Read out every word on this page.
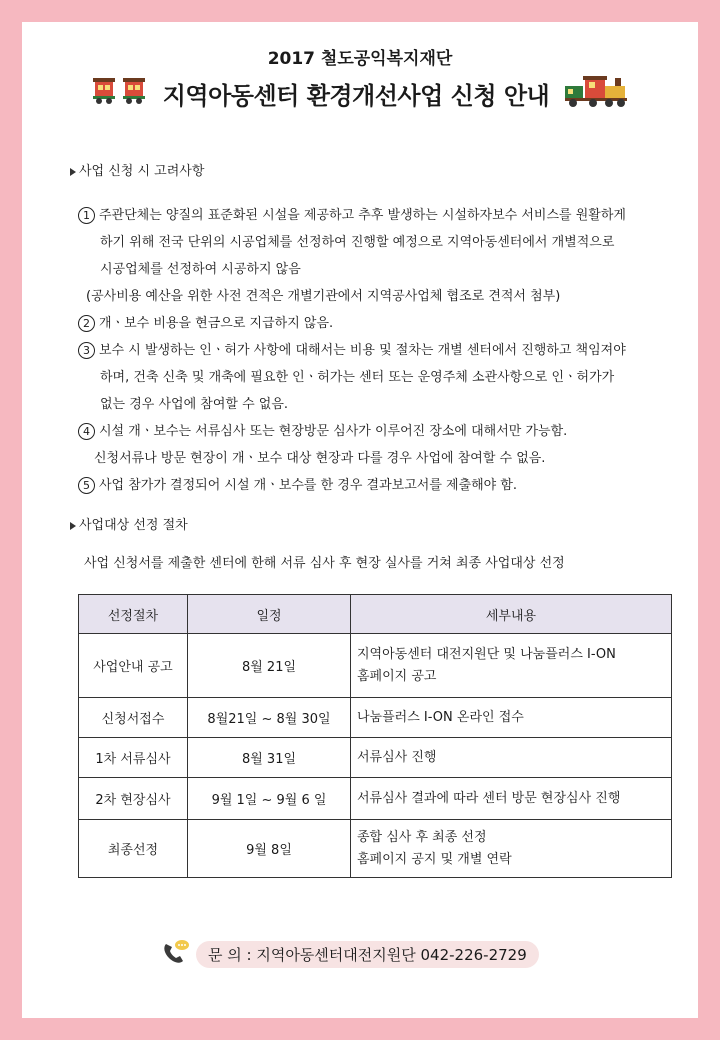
2017 철도공익복지재단
지역아동센터 환경개선사업 신청 안내
사업 신청 시 고려사항
1 주관단체는 양질의 표준화된 시설을 제공하고 추후 발생하는 시설하자보수 서비스를 원활하게
하기 위해 전국 단위의 시공업체를 선정하여 진행할 예정으로 지역아동센터에서 개별적으로
시공업체를 선정하여 시공하지 않음
(공사비용 예산을 위한 사전 견적은 개별기관에서 지역공사업체 협조로 견적서 첨부)
2 개ㆍ보수 비용을 현금으로 지급하지 않음.
3 보수 시 발생하는 인ㆍ허가 사항에 대해서는 비용 및 절차는 개별 센터에서 진행하고 책임져야
하며, 건축 신축 및 개축에 필요한 인ㆍ허가는 센터 또는 운영주체 소관사항으로 인ㆍ허가가
없는 경우 사업에 참여할 수 없음.
4 시설 개ㆍ보수는 서류심사 또는 현장방문 심사가 이루어진 장소에 대해서만 가능함.
신청서류나 방문 현장이 개ㆍ보수 대상 현장과 다를 경우 사업에 참여할 수 없음.
5 사업 참가가 결정되어 시설 개ㆍ보수를 한 경우 결과보고서를 제출해야 함.
사업대상 선정 절차
사업 신청서를 제출한 센터에 한해 서류 심사 후 현장 실사를 거쳐 최종 사업대상 선정
선정절차	일정	세부내용
사업안내 공고	8월 21일	지역아동센터 대전지원단 및 나눔플러스 I-ON
홈페이지 공고

신청서접수	8월21일 ~ 8월 30일	나눔플러스 I-ON 온라인 접수
1차 서류심사	8월 31일	서류심사 진행
2차 현장심사	9월 1일 ~ 9월 6 일	서류심사 결과에 따라 센터 방문 현장심사 진행
최종선정	9월 8일	종합 심사 후 최종 선정
홈페이지 공지 및 개별 연락
문 의 : 지역아동센터대전지원단 042-226-2729
